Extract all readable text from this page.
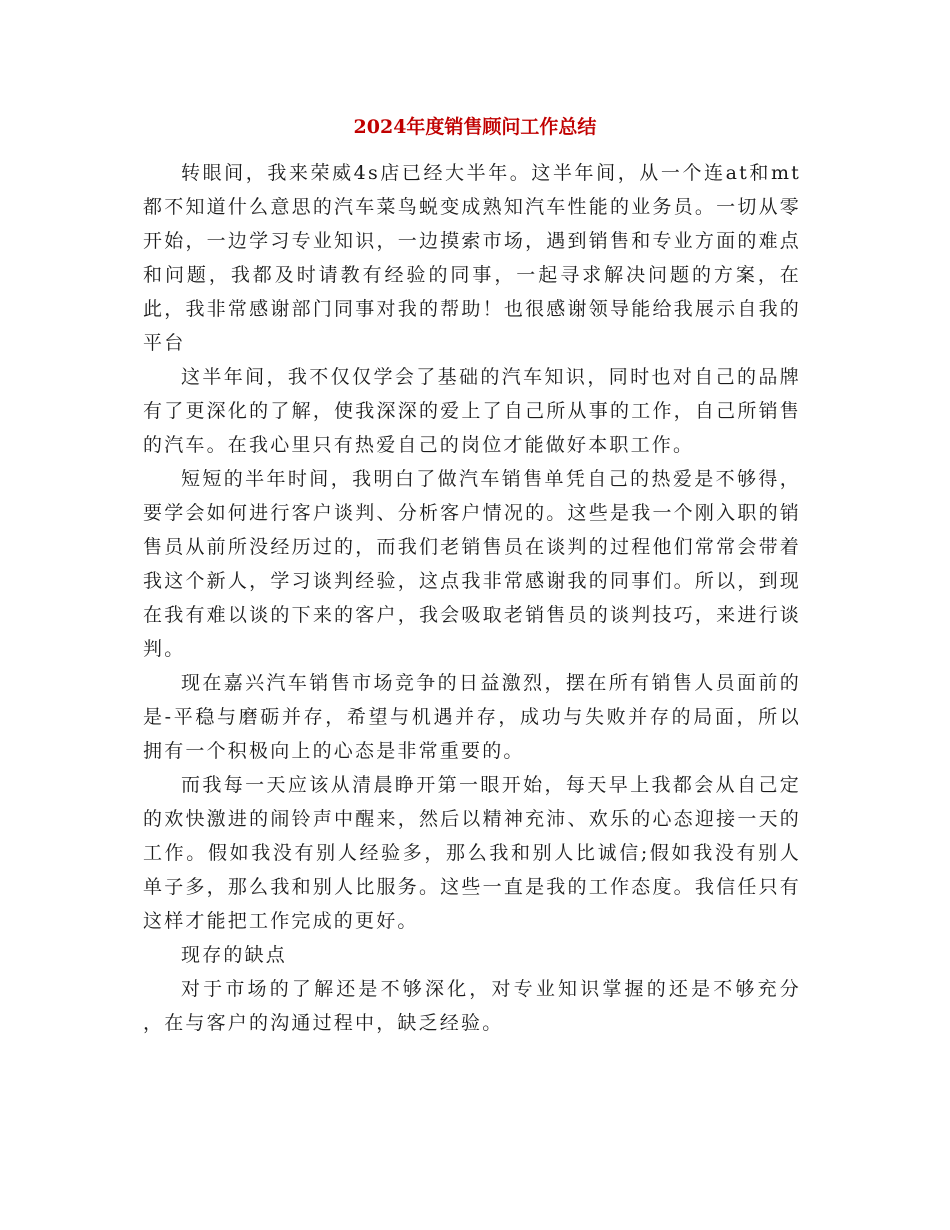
2024年度销售顾问工作总结

转眼间，我来荣威4s店已经大半年。这半年间，从一个连at和mt都不知道什么意思的汽车菜鸟蜕变成熟知汽车性能的业务员。一切从零开始，一边学习专业知识，一边摸索市场，遇到销售和专业方面的难点和问题，我都及时请教有经验的同事，一起寻求解决问题的方案，在此，我非常感谢部门同事对我的帮助！也很感谢领导能给我展示自我的平台

这半年间，我不仅仅学会了基础的汽车知识，同时也对自己的品牌有了更深化的了解，使我深深的爱上了自己所从事的工作，自己所销售的汽车。在我心里只有热爱自己的岗位才能做好本职工作。

短短的半年时间，我明白了做汽车销售单凭自己的热爱是不够得，要学会如何进行客户谈判、分析客户情况的。这些是我一个刚入职的销售员从前所没经历过的，而我们老销售员在谈判的过程他们常常会带着我这个新人，学习谈判经验，这点我非常感谢我的同事们。所以，到现在我有难以谈的下来的客户，我会吸取老销售员的谈判技巧，来进行谈判。

现在嘉兴汽车销售市场竞争的日益激烈，摆在所有销售人员面前的是-平稳与磨砺并存，希望与机遇并存，成功与失败并存的局面，所以拥有一个积极向上的心态是非常重要的。

而我每一天应该从清晨睁开第一眼开始，每天早上我都会从自己定的欢快激进的闹铃声中醒来，然后以精神充沛、欢乐的心态迎接一天的工作。假如我没有别人经验多，那么我和别人比诚信;假如我没有别人单子多，那么我和别人比服务。这些一直是我的工作态度。我信任只有这样才能把工作完成的更好。

现存的缺点

对于市场的了解还是不够深化，对专业知识掌握的还是不够充分 ，在与客户的沟通过程中，缺乏经验。
